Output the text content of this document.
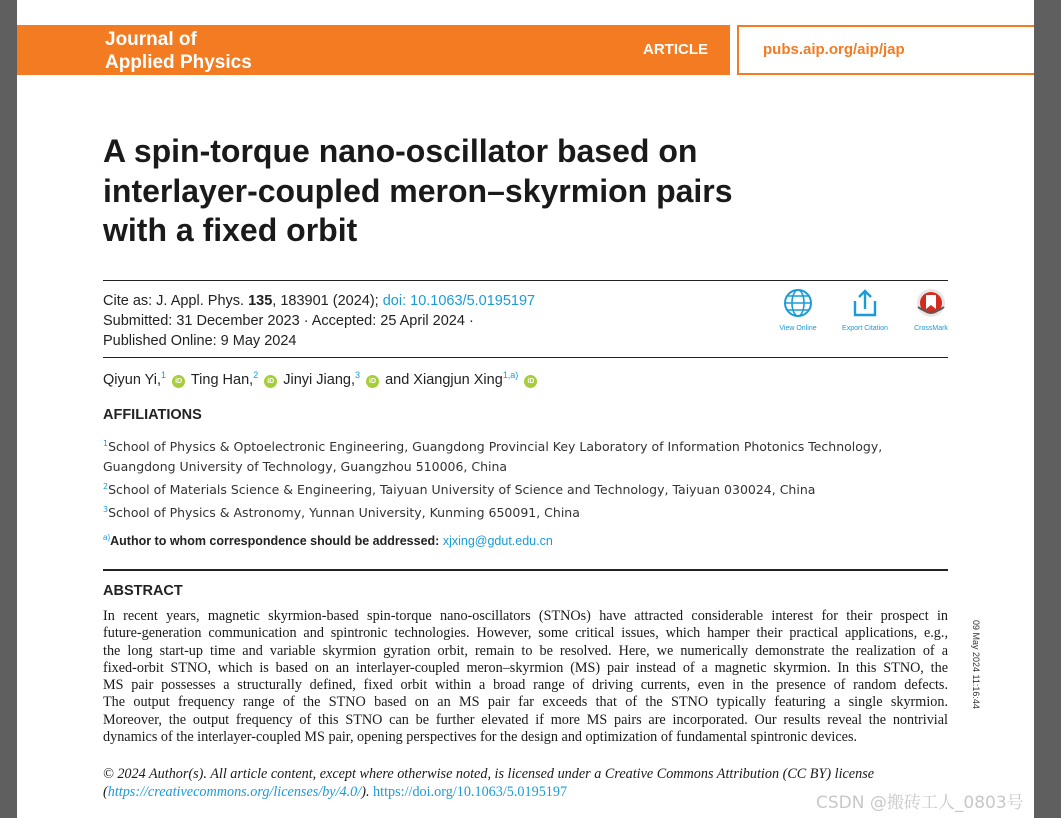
Journal of
Applied Physics
ARTICLE	pubs.aip.org/aip/jap
A spin-torque nano-oscillator based on
interlayer-coupled meron–skyrmion pairs
with a fixed orbit
Cite as: J. Appl. Phys. 135, 183901 (2024); doi: 10.1063/5.0195197
Submitted: 31 December 2023 · Accepted: 25 April 2024 ·
Published Online: 9 May 2024
View Online	Export Citation	CrossMark
Qiyun Yi,$^1$ iD Ting Han,$^2$ iD Jinyi Jiang,$^3$ iD and Xiangjun Xing$^{1,a)}$ iD
AFFILIATIONS
$^1$School of Physics & Optoelectronic Engineering, Guangdong Provincial Key Laboratory of Information Photonics Technology,
Guangdong University of Technology, Guangzhou 510006, China
$^2$School of Materials Science & Engineering, Taiyuan University of Science and Technology, Taiyuan 030024, China
$^3$School of Physics & Astronomy, Yunnan University, Kunming 650091, China
$^{a)}$Author to whom correspondence should be addressed: xjxing@gdut.edu.cn
ABSTRACT
In recent years, magnetic skyrmion-based spin-torque nano-oscillators (STNOs) have attracted considerable interest for their prospect in
future-generation communication and spintronic technologies. However, some critical issues, which hamper their practical applications, e.g.,
the long start-up time and variable skyrmion gyration orbit, remain to be resolved. Here, we numerically demonstrate the realization of a
fixed-orbit STNO, which is based on an interlayer-coupled meron–skyrmion (MS) pair instead of a magnetic skyrmion. In this STNO, the
MS pair possesses a structurally defined, fixed orbit within a broad range of driving currents, even in the presence of random defects.
The output frequency range of the STNO based on an MS pair far exceeds that of the STNO typically featuring a single skyrmion.
Moreover, the output frequency of this STNO can be further elevated if more MS pairs are incorporated. Our results reveal the nontrivial
dynamics of the interlayer-coupled MS pair, opening perspectives for the design and optimization of fundamental spintronic devices.
© 2024 Author(s). All article content, except where otherwise noted, is licensed under a Creative Commons Attribution (CC BY) license
(https://creativecommons.org/licenses/by/4.0/). https://doi.org/10.1063/5.0195197
09 May 2024 11:16:44
CSDN @搬砖工人_0803号
